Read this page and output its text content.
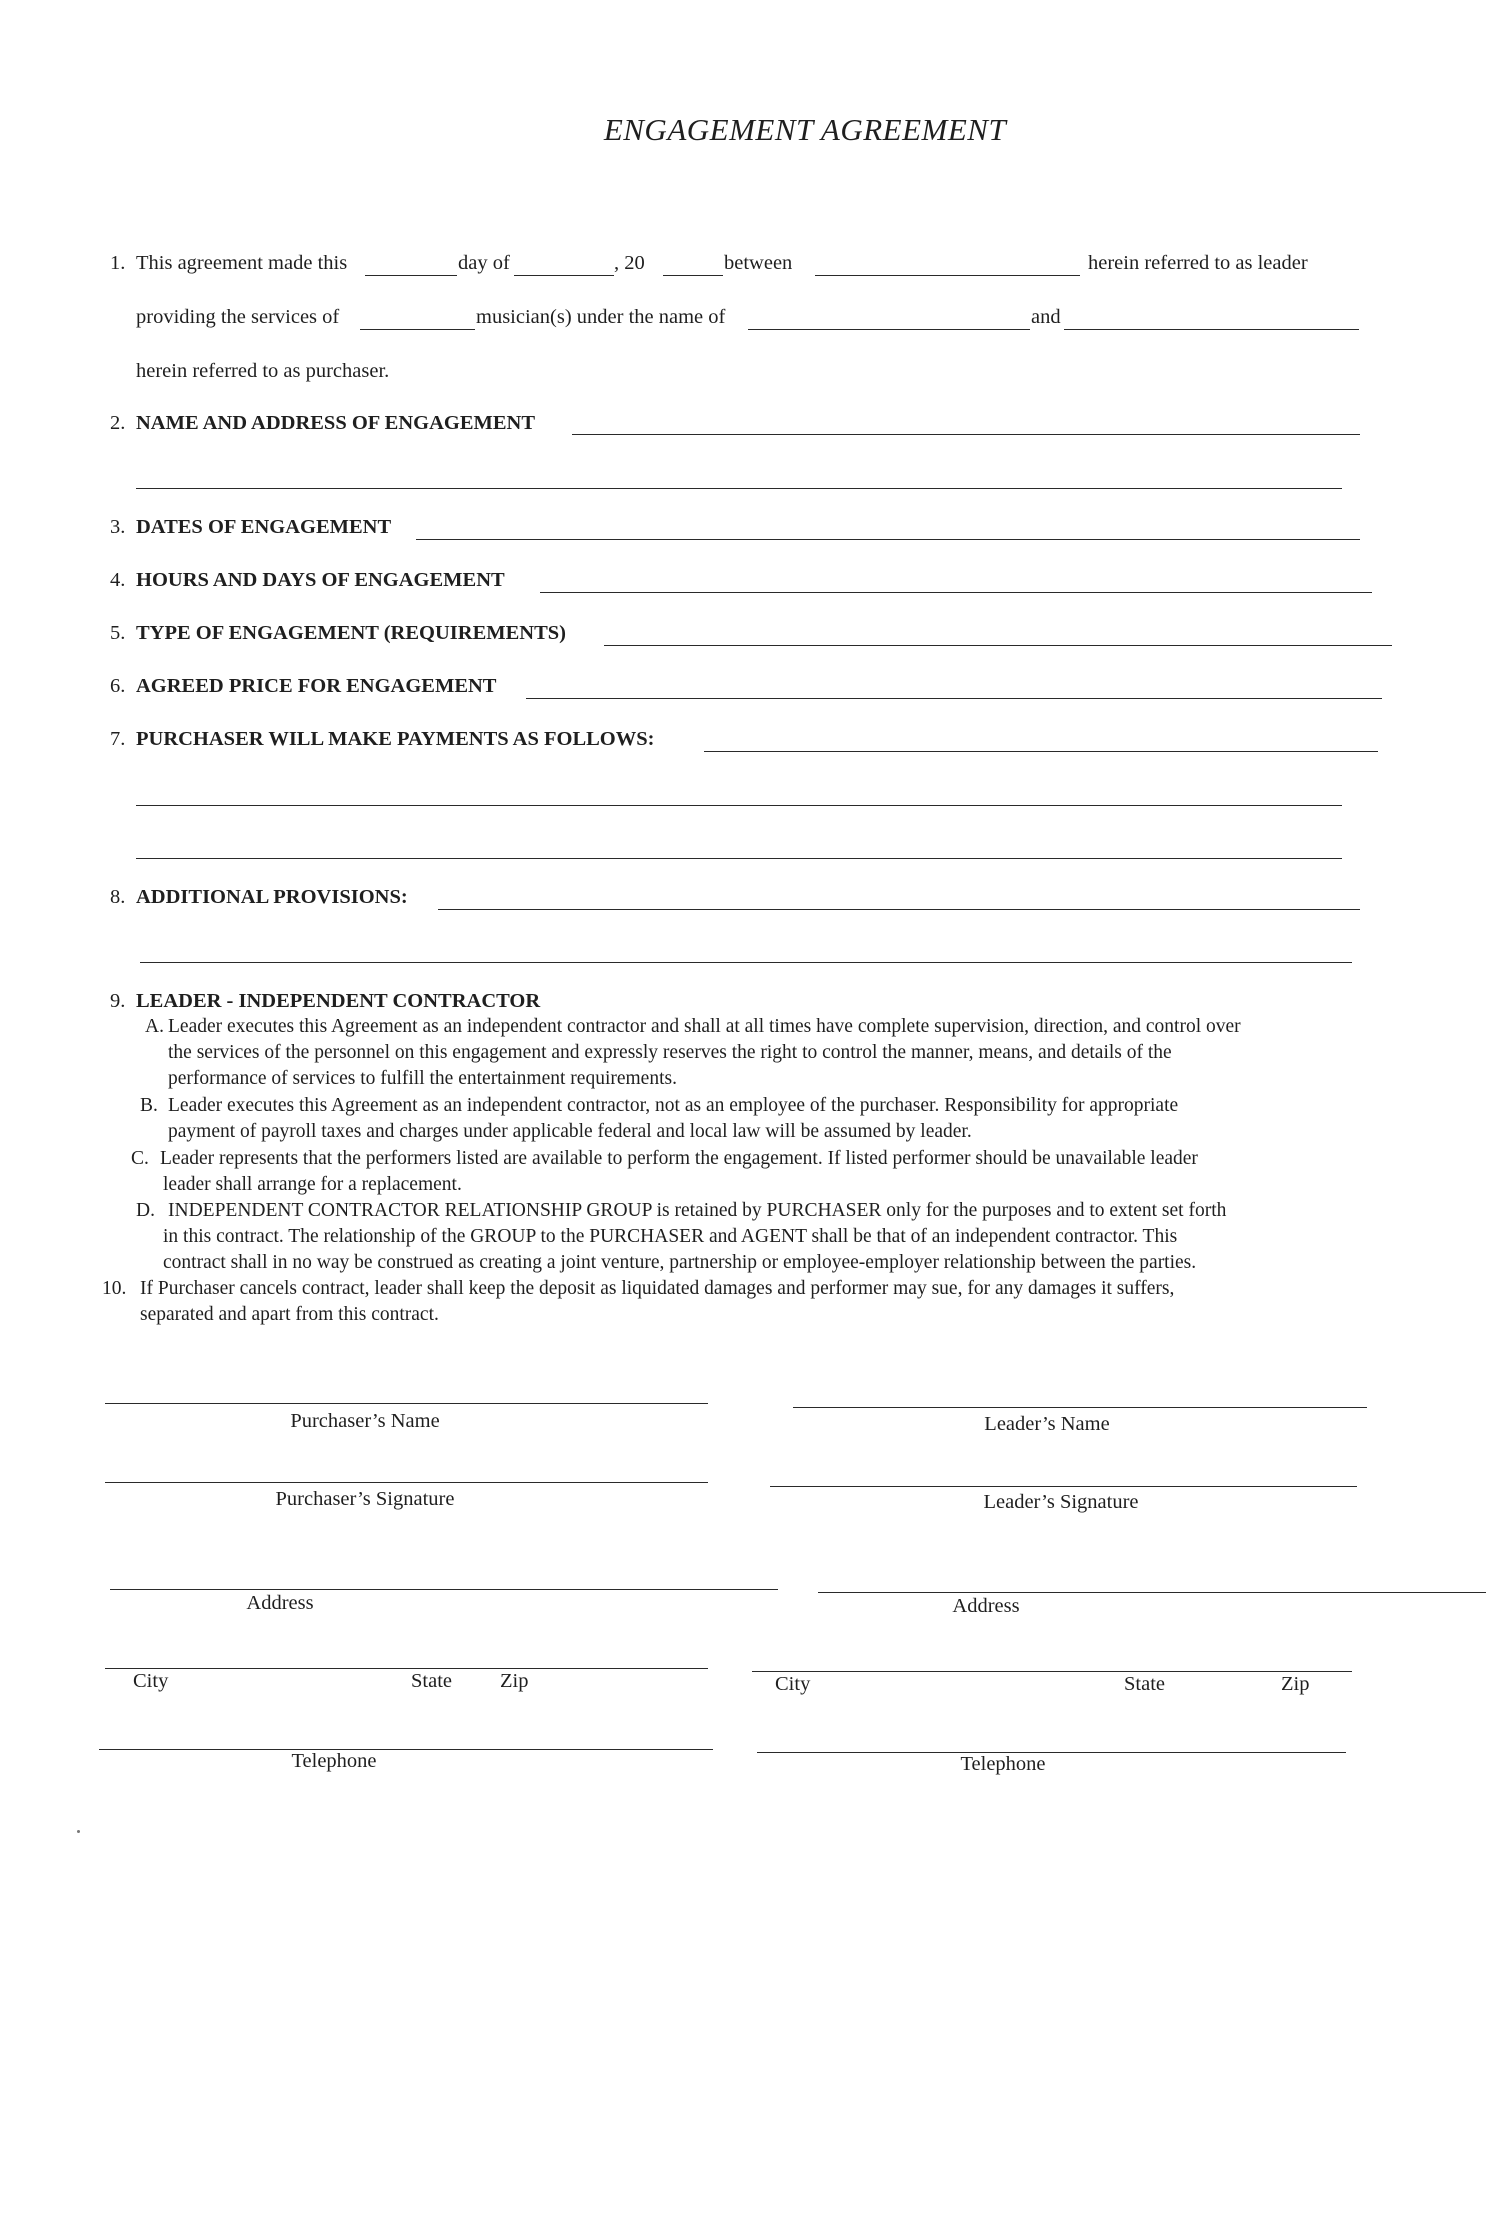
ENGAGEMENT AGREEMENT
1. This agreement made this	day of	, 20	between	herein referred to as leader
providing the services of	musician(s) under the name of	and
herein referred to as purchaser.
2. NAME AND ADDRESS OF ENGAGEMENT
3. DATES OF ENGAGEMENT
4. HOURS AND DAYS OF ENGAGEMENT
5. TYPE OF ENGAGEMENT (REQUIREMENTS)
6. AGREED PRICE FOR ENGAGEMENT
7. PURCHASER WILL MAKE PAYMENTS AS FOLLOWS:
8. ADDITIONAL PROVISIONS:
9. LEADER - INDEPENDENT CONTRACTOR
A. Leader executes this Agreement as an independent contractor and shall at all times have complete supervision, direction, and control over
the services of the personnel on this engagement and expressly reserves the right to control the manner, means, and details of the
performance of services to fulfill the entertainment requirements.
B. Leader executes this Agreement as an independent contractor, not as an employee of the purchaser. Responsibility for appropriate
payment of payroll taxes and charges under applicable federal and local law will be assumed by leader.
C. Leader represents that the performers listed are available to perform the engagement. If listed performer should be unavailable leader
leader shall arrange for a replacement.
D. INDEPENDENT CONTRACTOR RELATIONSHIP GROUP is retained by PURCHASER only for the purposes and to extent set forth
in this contract. The relationship of the GROUP to the PURCHASER and AGENT shall be that of an independent contractor. This
contract shall in no way be construed as creating a joint venture, partnership or employee-employer relationship between the parties.
10. If Purchaser cancels contract, leader shall keep the deposit as liquidated damages and performer may sue, for any damages it suffers,
separated and apart from this contract.
Purchaser’s Name	Leader’s Name
Purchaser’s Signature	Leader’s Signature
Address	Address
City	State Zip	City	State	Zip
Telephone	Telephone
